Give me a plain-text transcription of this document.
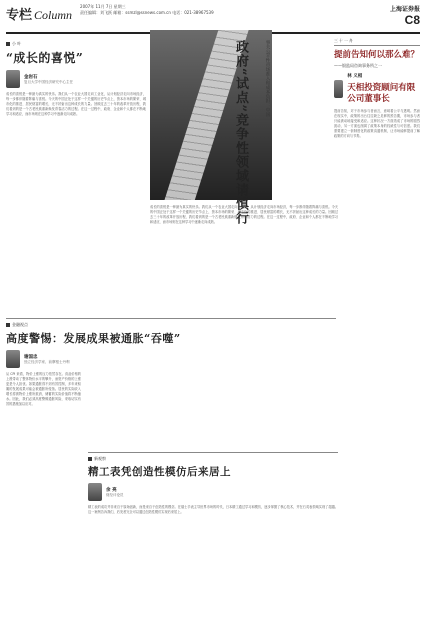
专栏 Column
2007年 11月 7日 星期三
责任编辑：刘飞跃 邮箱：ssmzl@ssnews.com.cn 电话：021-38967539	上海证券报
C8
小 叶
“成长的喜悦”
金岩石
复旦大学中国经济研究中心主任
成长的喜悦是一种最为真实的快乐。我们从一个农业大国走向工业化，从计划经济走向市场经济，每一步都伴随着阵痛与喜悦。今天的中国正处于这样一个关键的历史节点上，资本市场的繁荣、城市化的推进、居民财富的增长，无不折射出这种成长的力量。回顾过去三十年的改革开放历程，我们看到的是一个古老民族重新焕发青春活力的过程。在这一过程中，政府、企业和个人都在不断地学习和适应，而市场则在这种学习中逐渐走向成熟。	政府“试点”竞争性领域请慎行	事关公平性市场准入和成本负担：中国
成长的喜悦是一种最为真实的快乐。我们从一个农业大国走向工业化，从计划经济走向市场经济，每一步都伴随着阵痛与喜悦。今天的中国正处于这样一个关键的历史节点上，资本市场的繁荣、城市化的推进、居民财富的增长，无不折射出这种成长的力量。回顾过去三十年的改革开放历程，我们看到的是一个古老民族重新焕发青春活力的过程。在这一过程中，政府、企业和个人都在不断地学习和适应，而市场则在这种学习中逐渐走向成熟。
三 十 一 舟
提前告知何以那么难？
——银监局咨询事务所之一
林 义相
天相投资顾问有限公司董事长
提前告知，对于市场参与者而言，意味着公平与透明。然而在现实中，政策的出台往往缺乏足够的预告期，市场参与者只能被动地接受和适应。这种状况一方面造成了市场的剧烈波动，另一方面也削弱了政策本身的权威性与可信度。我们需要建立一套制度化的政策沟通机制，让市场能够提前了解政策的方向与节奏。
金融视点
高度警惕：发展成果被通胀“吞噬”
谢国忠
独立经济学家、前摩根士丹利
从 CPI 来看，物价上涨的压力依然存在。食品价格的上涨带动了整体物价水平的攀升，而资产价格的上涨更是令人担忧。如果通胀得不到有效控制，多年来积累的发展成果可能会被通胀所侵蚀。居民的实际收入增长将被物价上涨所抵消，储蓄的实际价值将不断缩水。因此，我们必须高度警惕通胀风险，采取切实有效的措施加以应对。
新观察
精工表凭创造性模仿后来居上
余 亮
财经评论员
精工表的成功并非来自于原始创新，而是来自于创造性的模仿。在瑞士手表主导世界市场的时代，日本精工通过学习和模仿，逐步掌握了核心技术，并在石英表领域实现了超越。这一案例告诉我们，后发者完全可以通过创造性模仿实现后来居上。
